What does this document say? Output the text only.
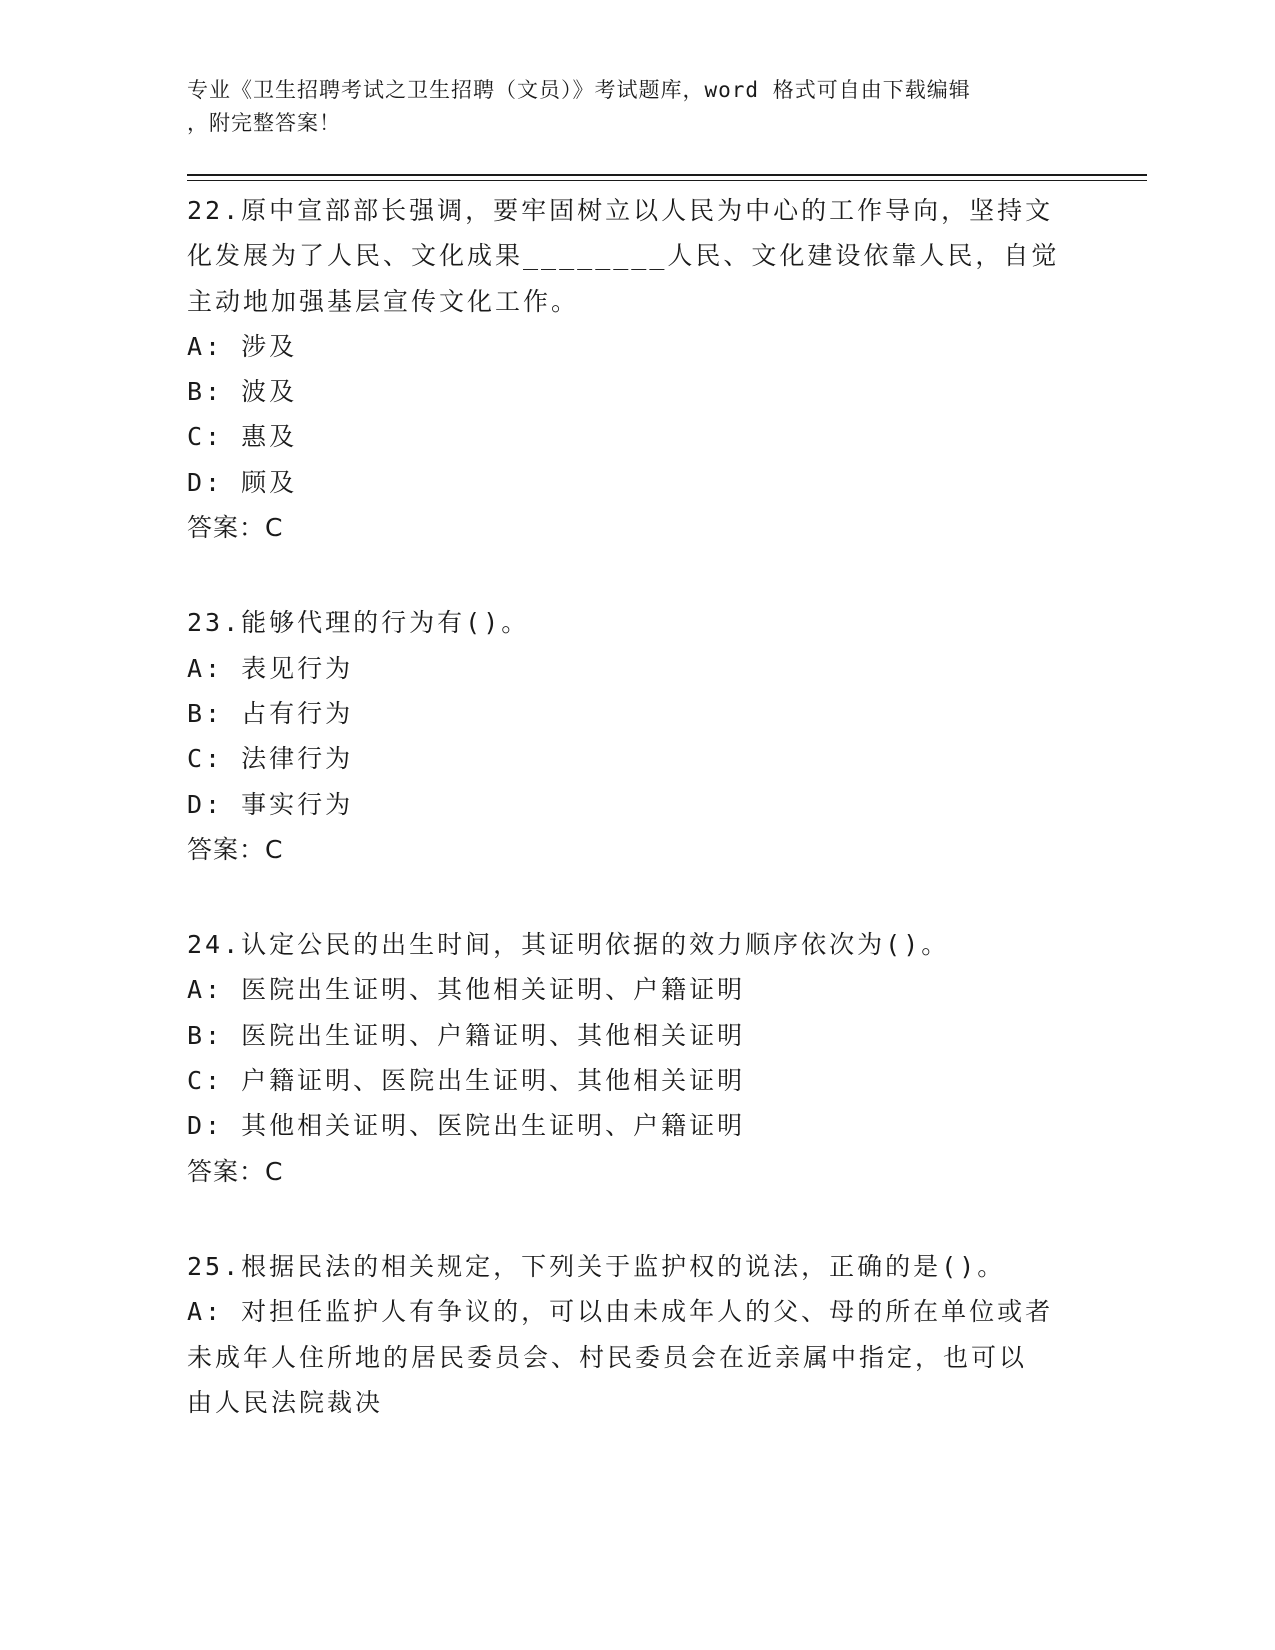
专业《卫生招聘考试之卫生招聘（文员）》考试题库，word 格式可自由下载编辑
，附完整答案！

22.原中宣部部长强调，要牢固树立以人民为中心的工作导向，坚持文

化发展为了人民、文化成果________人民、文化建设依靠人民，自觉

主动地加强基层宣传文化工作。

A: 涉及

B: 波及

C: 惠及

D: 顾及

答案：C

23.能够代理的行为有()。

A: 表见行为

B: 占有行为

C: 法律行为

D: 事实行为

答案：C

24.认定公民的出生时间，其证明依据的效力顺序依次为()。

A: 医院出生证明、其他相关证明、户籍证明

B: 医院出生证明、户籍证明、其他相关证明

C: 户籍证明、医院出生证明、其他相关证明

D: 其他相关证明、医院出生证明、户籍证明

答案：C

25.根据民法的相关规定，下列关于监护权的说法，正确的是()。

A: 对担任监护人有争议的，可以由未成年人的父、母的所在单位或者

未成年人住所地的居民委员会、村民委员会在近亲属中指定，也可以

由人民法院裁决
